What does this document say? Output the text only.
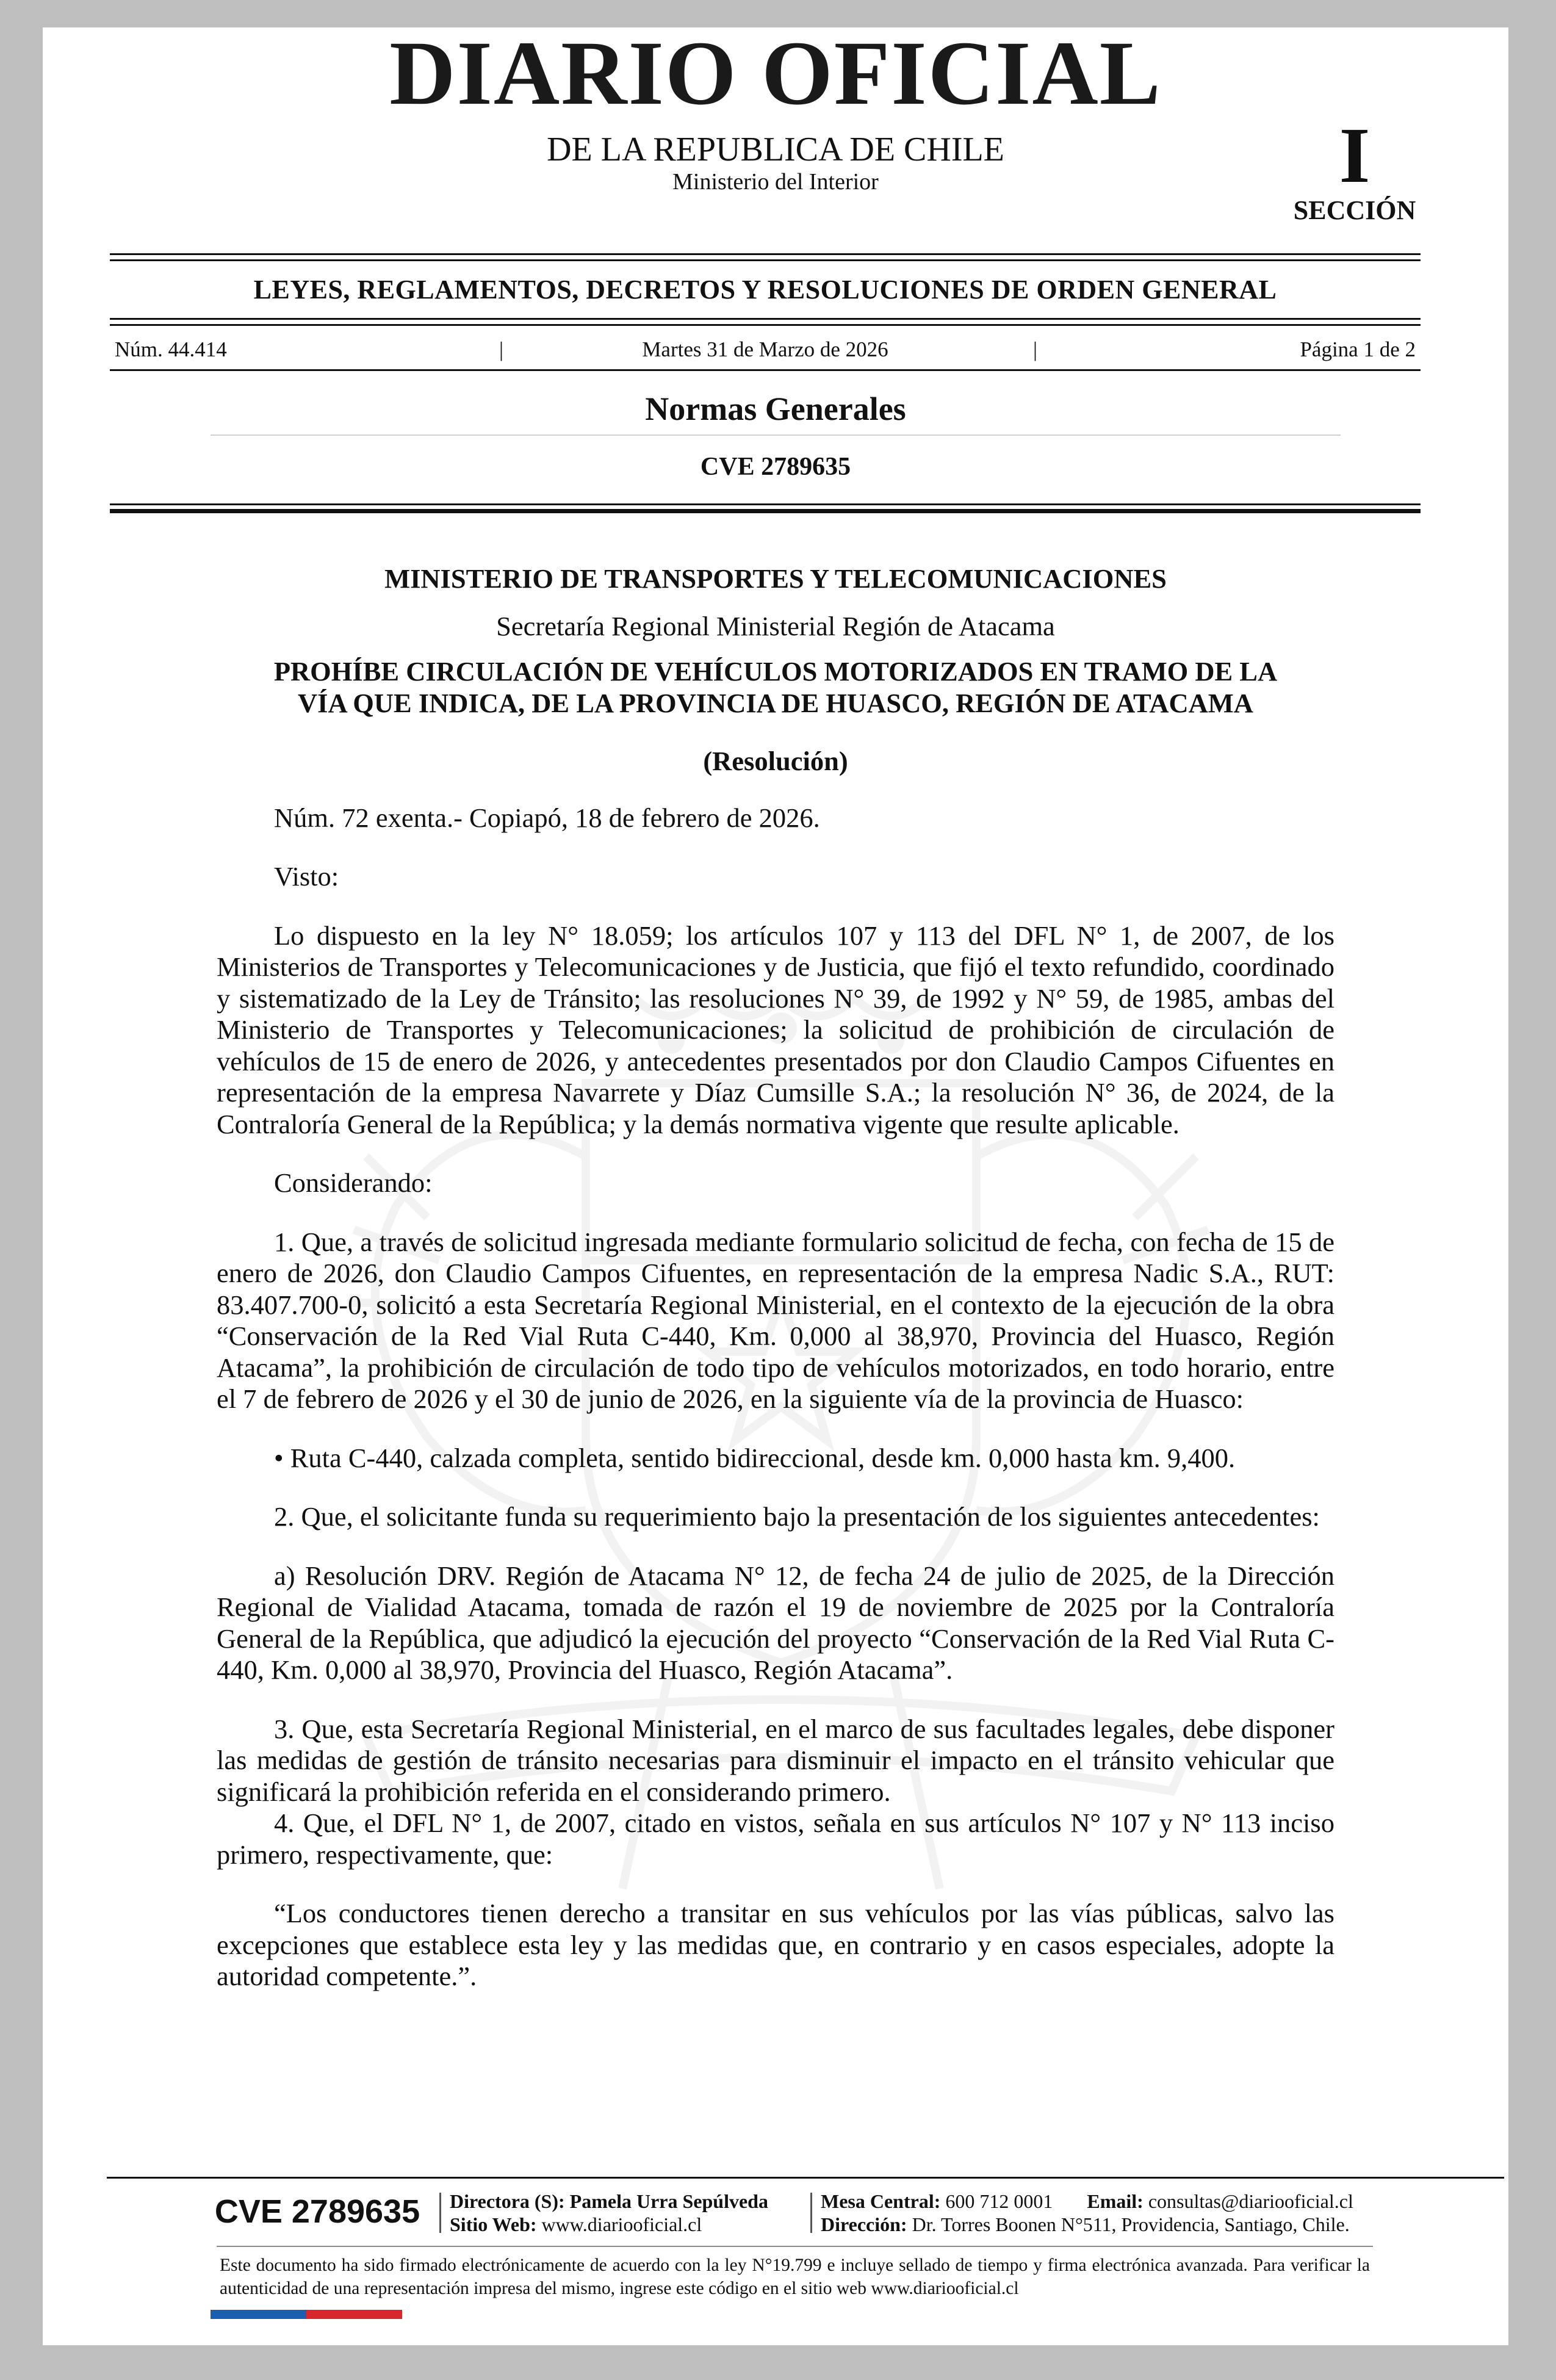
DIARIO OFICIAL
DE LA REPUBLICA DE CHILE
Ministerio del Interior	I
SECCIÓN
LEYES, REGLAMENTOS, DECRETOS Y RESOLUCIONES DE ORDEN GENERAL
Núm. 44.414	|	Martes 31 de Marzo de 2026	|	Página 1 de 2
Normas Generales
CVE 2789635

MINISTERIO DE TRANSPORTES Y TELECOMUNICACIONES

Secretaría Regional Ministerial Región de Atacama

PROHÍBE CIRCULACIÓN DE VEHÍCULOS MOTORIZADOS EN TRAMO DE LA

VÍA QUE INDICA, DE LA PROVINCIA DE HUASCO, REGIÓN DE ATACAMA

(Resolución)

Núm. 72 exenta.- Copiapó, 18 de febrero de 2026.

Visto:

Lo dispuesto en la ley N° 18.059; los artículos 107 y 113 del DFL N° 1, de 2007, de los Ministerios de Transportes y Telecomunicaciones y de Justicia, que fijó el texto refundido, coordinado y sistematizado de la Ley de Tránsito; las resoluciones N° 39, de 1992 y N° 59, de 1985, ambas del Ministerio de Transportes y Telecomunicaciones; la solicitud de prohibición de circulación de vehículos de 15 de enero de 2026, y antecedentes presentados por don Claudio Campos Cifuentes en representación de la empresa Navarrete y Díaz Cumsille S.A.; la resolución N° 36, de 2024, de la Contraloría General de la República; y la demás normativa vigente que resulte aplicable.

Considerando:

1. Que, a través de solicitud ingresada mediante formulario solicitud de fecha, con fecha de 15 de enero de 2026, don Claudio Campos Cifuentes, en representación de la empresa Nadic S.A., RUT: 83.407.700-0, solicitó a esta Secretaría Regional Ministerial, en el contexto de la ejecución de la obra “Conservación de la Red Vial Ruta C-440, Km. 0,000 al 38,970, Provincia del Huasco, Región Atacama”, la prohibición de circulación de todo tipo de vehículos motorizados, en todo horario, entre el 7 de febrero de 2026 y el 30 de junio de 2026, en la siguiente vía de la provincia de Huasco:

• Ruta C-440, calzada completa, sentido bidireccional, desde km. 0,000 hasta km. 9,400.

2. Que, el solicitante funda su requerimiento bajo la presentación de los siguientes antecedentes:

a) Resolución DRV. Región de Atacama N° 12, de fecha 24 de julio de 2025, de la Dirección Regional de Vialidad Atacama, tomada de razón el 19 de noviembre de 2025 por la Contraloría General de la República, que adjudicó la ejecución del proyecto “Conservación de la Red Vial Ruta C-440, Km. 0,000 al 38,970, Provincia del Huasco, Región Atacama”.

3. Que, esta Secretaría Regional Ministerial, en el marco de sus facultades legales, debe disponer las medidas de gestión de tránsito necesarias para disminuir el impacto en el tránsito vehicular que significará la prohibición referida en el considerando primero.

4. Que, el DFL N° 1, de 2007, citado en vistos, señala en sus artículos N° 107 y N° 113 inciso primero, respectivamente, que:

“Los conductores tienen derecho a transitar en sus vehículos por las vías públicas, salvo las excepciones que establece esta ley y las medidas que, en contrario y en casos especiales, adopte la autoridad competente.”.

CVE 2789635	Directora (S): Pamela Urra Sepúlveda
Sitio Web: www.diariooficial.cl
Mesa Central: 600 712 0001 Email: consultas@diariooficial.cl
Dirección: Dr. Torres Boonen N°511, Providencia, Santiago, Chile.
Este documento ha sido firmado electrónicamente de acuerdo con la ley N°19.799 e incluye sellado de tiempo y firma electrónica avanzada. Para verificar la autenticidad de una representación impresa del mismo, ingrese este código en el sitio web www.diariooficial.cl
